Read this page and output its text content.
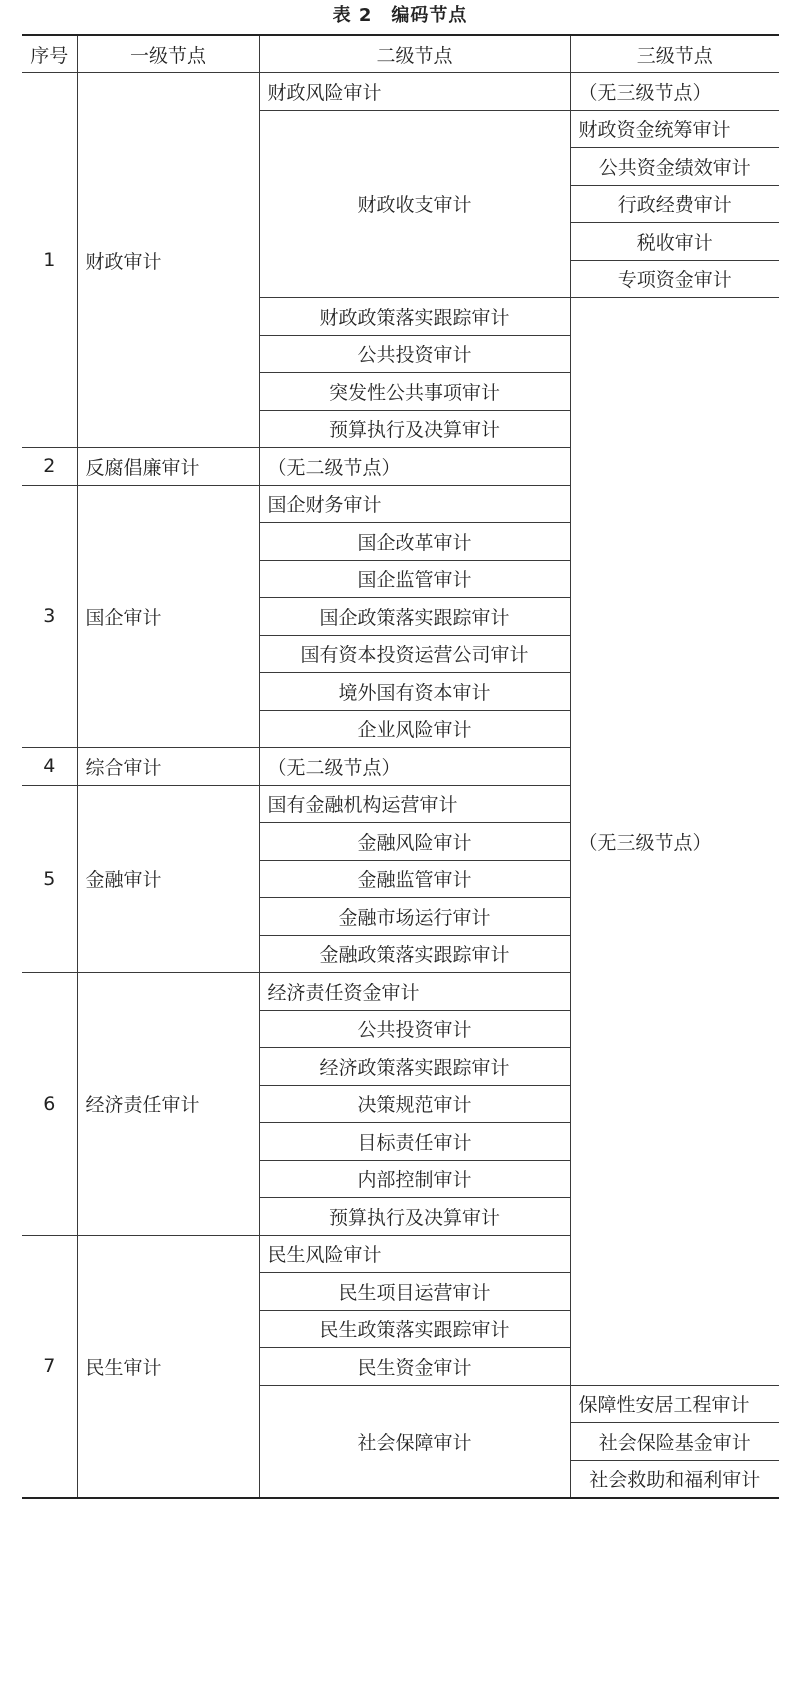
表 2　编码节点
序号	一级节点	二级节点	三级节点
1	财政审计	财政风险审计	（无三级节点）
		财政收支审计	财政资金统筹审计
			公共资金绩效审计
			行政经费审计
			税收审计
			专项资金审计
		财政政策落实跟踪审计	（无三级节点）
		公共投资审计	
		突发性公共事项审计	
		预算执行及决算审计	
2	反腐倡廉审计	（无二级节点）	
3	国企审计	国企财务审计	
		国企改革审计	
		国企监管审计	
		国企政策落实跟踪审计	
		国有资本投资运营公司审计	
		境外国有资本审计	
		企业风险审计	
4	综合审计	（无二级节点）	
5	金融审计	国有金融机构运营审计	
		金融风险审计	
		金融监管审计	
		金融市场运行审计	
		金融政策落实跟踪审计	
6	经济责任审计	经济责任资金审计	
		公共投资审计	
		经济政策落实跟踪审计	
		决策规范审计	
		目标责任审计	
		内部控制审计	
		预算执行及决算审计	
7	民生审计	民生风险审计	
		民生项目运营审计	
		民生政策落实跟踪审计	
		民生资金审计	
		社会保障审计	保障性安居工程审计
			社会保险基金审计
			社会救助和福利审计
